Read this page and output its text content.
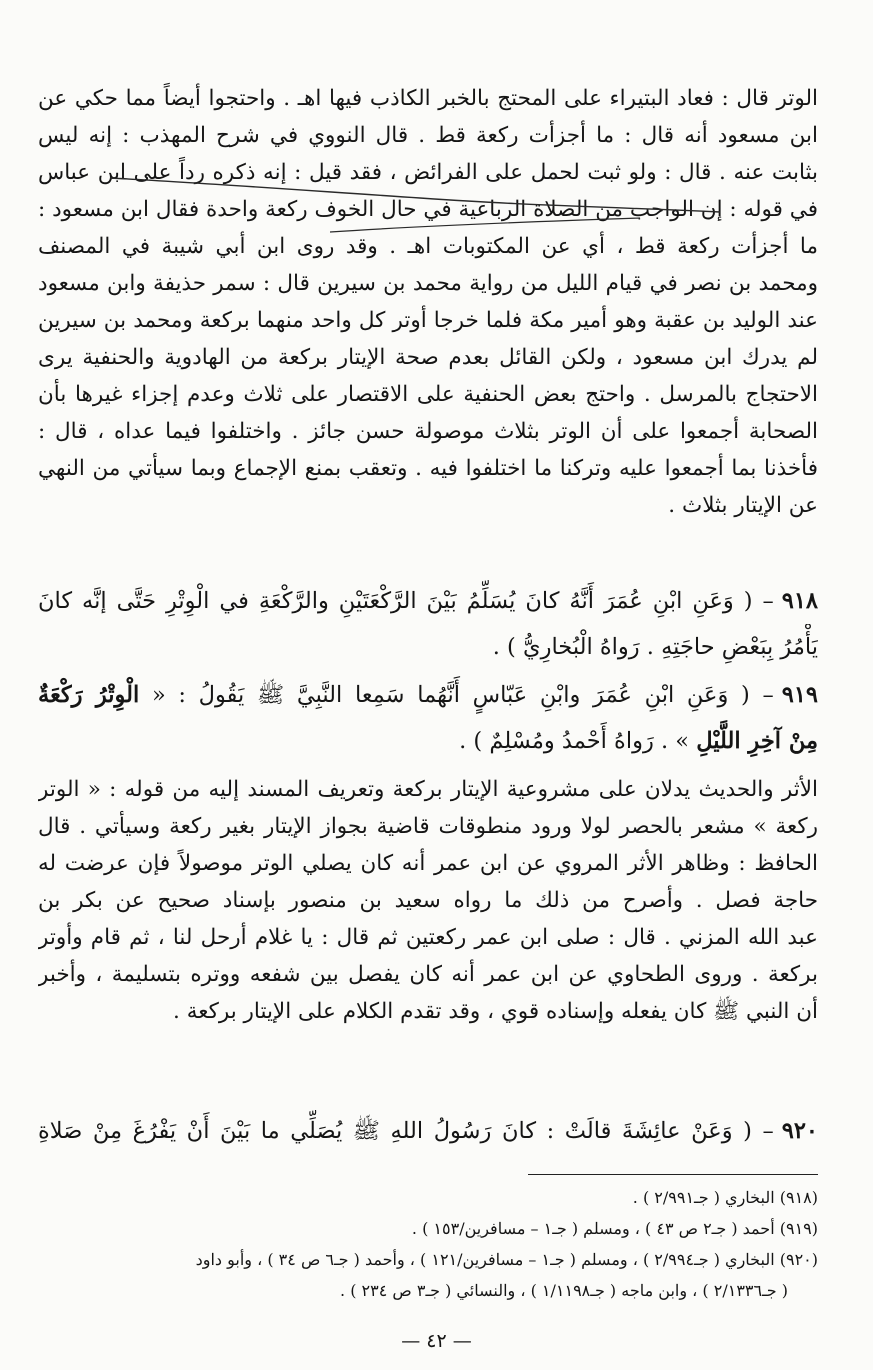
الوتر قال : فعاد البتيراء على المحتج بالخبر الكاذب فيها اهـ . واحتجوا أيضاً مما حكي عن
ابن مسعود أنه قال : ما أجزأت ركعة قط . قال النووي في شرح المهذب : إنه ليس
بثابت عنه . قال : ولو ثبت لحمل على الفرائض ، فقد قيل : إنه ذكره رداً على ابن عباس
في قوله : إن الواجب من الصلاة الرباعية في حال الخوف ركعة واحدة فقال ابن مسعود :
ما أجزأت ركعة قط ، أي عن المكتوبات اهـ . وقد روى ابن أبي شيبة في المصنف
ومحمد بن نصر في قيام الليل من رواية محمد بن سيرين قال : سمر حذيفة وابن مسعود
عند الوليد بن عقبة وهو أمير مكة فلما خرجا أوتر كل واحد منهما بركعة ومحمد بن سيرين
لم يدرك ابن مسعود ، ولكن القائل بعدم صحة الإيتار بركعة من الهادوية والحنفية يرى
الاحتجاج بالمرسل . واحتج بعض الحنفية على الاقتصار على ثلاث وعدم إجزاء غيرها بأن
الصحابة أجمعوا على أن الوتر بثلاث موصولة حسن جائز . واختلفوا فيما عداه ، قال :
فأخذنا بما أجمعوا عليه وتركنا ما اختلفوا فيه . وتعقب بمنع الإجماع وبما سيأتي من النهي
عن الإيتار بثلاث .
٩١٨– ( وَعَنِ ابْنِ عُمَرَ أَنَّهُ كانَ يُسَلِّمُ بَيْنَ الرَّكْعَتَيْنِ والرَّكْعَةِ في الْوِتْرِ حَتَّى إنَّه كانَ
يَأْمُرُ بِبَعْضِ حاجَتِهِ . رَواهُ الْبُخارِيُّ ) .
٩١٩– ( وَعَنِ ابْنِ عُمَرَ وابْنِ عَبّاسٍ أَنَّهُما سَمِعا النَّبِيَّ ﷺ يَقُولُ : « الْوِتْرُ رَكْعَةٌ
مِنْ آخِرِ اللَّيْلِ » . رَواهُ أَحْمدُ ومُسْلِمٌ ) .
الأثر والحديث يدلان على مشروعية الإيتار بركعة وتعريف المسند إليه من قوله : « الوتر
ركعة » مشعر بالحصر لولا ورود منطوقات قاضية بجواز الإيتار بغير ركعة وسيأتي . قال
الحافظ : وظاهر الأثر المروي عن ابن عمر أنه كان يصلي الوتر موصولاً فإن عرضت له
حاجة فصل . وأصرح من ذلك ما رواه سعيد بن منصور بإسناد صحيح عن بكر بن
عبد الله المزني . قال : صلى ابن عمر ركعتين ثم قال : يا غلام أرحل لنا ، ثم قام وأوتر
بركعة . وروى الطحاوي عن ابن عمر أنه كان يفصل بين شفعه ووتره بتسليمة ، وأخبر
أن النبي ﷺ كان يفعله وإسناده قوي ، وقد تقدم الكلام على الإيتار بركعة .
٩٢٠– ( وَعَنْ عائِشَةَ قالَتْ : كانَ رَسُولُ اللهِ ﷺ يُصَلِّي ما بَيْنَ أَنْ يَفْرُغَ مِنْ صَلاةِ
(٩١٨) البخاري ( جـ٢/٩٩١ ) .
(٩١٩) أحمد ( جـ٢ ص ٤٣ ) ، ومسلم ( جـ١ – مسافرين/١٥٣ ) .
(٩٢٠) البخاري ( جـ٢/٩٩٤ ) ، ومسلم ( جـ١ – مسافرين/١٢١ ) ، وأحمد ( جـ٦ ص ٣٤ ) ، وأبو داود
( جـ٢/١٣٣٦ ) ، وابن ماجه ( جـ١/١١٩٨ ) ، والنسائي ( جـ٣ ص ٢٣٤ ) .
— ٤٢ —
